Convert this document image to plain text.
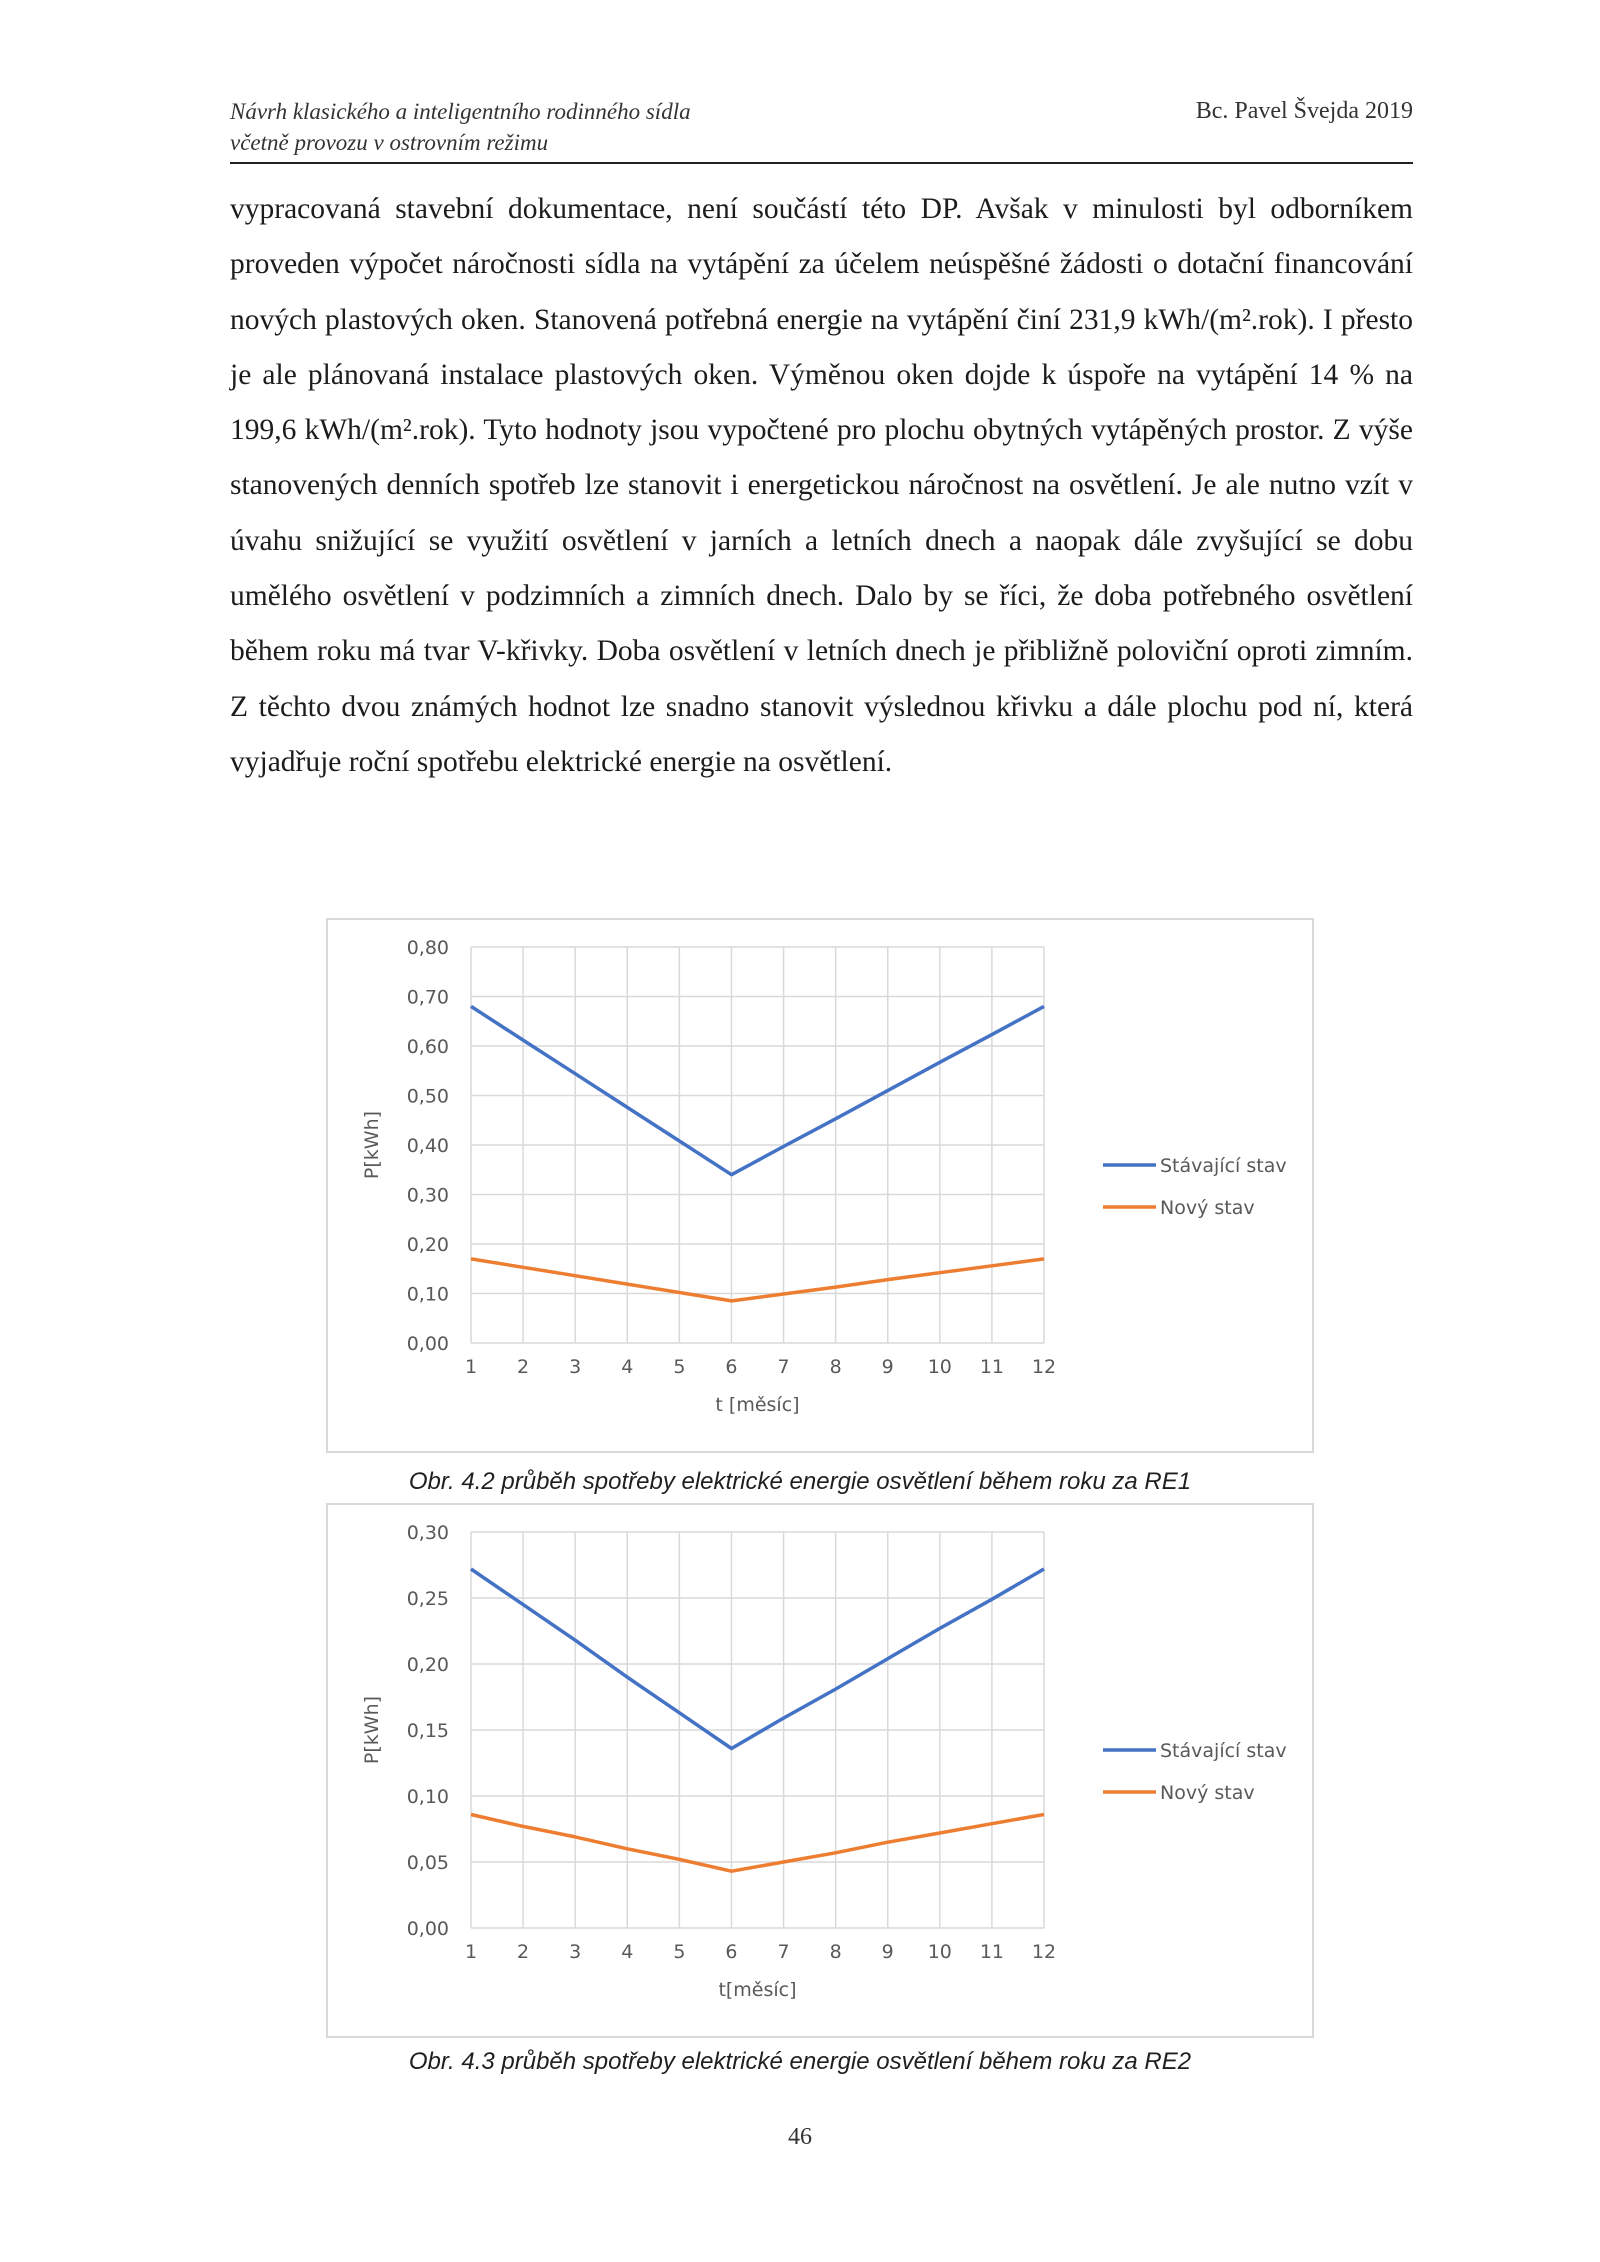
Návrh klasického a inteligentního rodinného sídla
včetně provozu v ostrovním režimu
Bc. Pavel Švejda 2019

vypracovaná stavební dokumentace, není součástí této DP. Avšak v minulosti byl odborníkem proveden výpočet náročnosti sídla na vytápění za účelem neúspěšné žádosti o dotační financování nových plastových oken. Stanovená potřebná energie na vytápění činí 231,9 kWh/(m².rok). I přesto je ale plánovaná instalace plastových oken. Výměnou oken dojde k úspoře na vytápění 14 % na 199,6 kWh/(m².rok). Tyto hodnoty jsou vypočtené pro plochu obytných vytápěných prostor. Z výše stanovených denních spotřeb lze stanovit i energetickou náročnost na osvětlení. Je ale nutno vzít v úvahu snižující se využití osvětlení v jarních a letních dnech a naopak dále zvyšující se dobu umělého osvětlení v podzimních a zimních dnech. Dalo by se říci, že doba potřebného osvětlení během roku má tvar V-křivky. Doba osvětlení v letních dnech je přibližně poloviční oproti zimním. Z těchto dvou známých hodnot lze snadno stanovit výslednou křivku a dále plochu pod ní, která vyjadřuje roční spotřebu elektrické energie na osvětlení.

0,00
0,10
0,20
0,30
0,40
0,50
0,60
0,70
0,80
1 2 3 4 5 6 7 8 9 10 11 12
t [měsíc]
P[kWh]	Stávající stav
Nový stav
Obr. 4.2 průběh spotřeby elektrické energie osvětlení během roku za RE1
0,00
0,05
0,10
0,15
0,20
0,25
0,30
1 2 3 4 5 6 7 8 9 10 11 12
t[měsíc]
P[kWh]	Stávající stav
Nový stav
Obr. 4.3 průběh spotřeby elektrické energie osvětlení během roku za RE2
46
